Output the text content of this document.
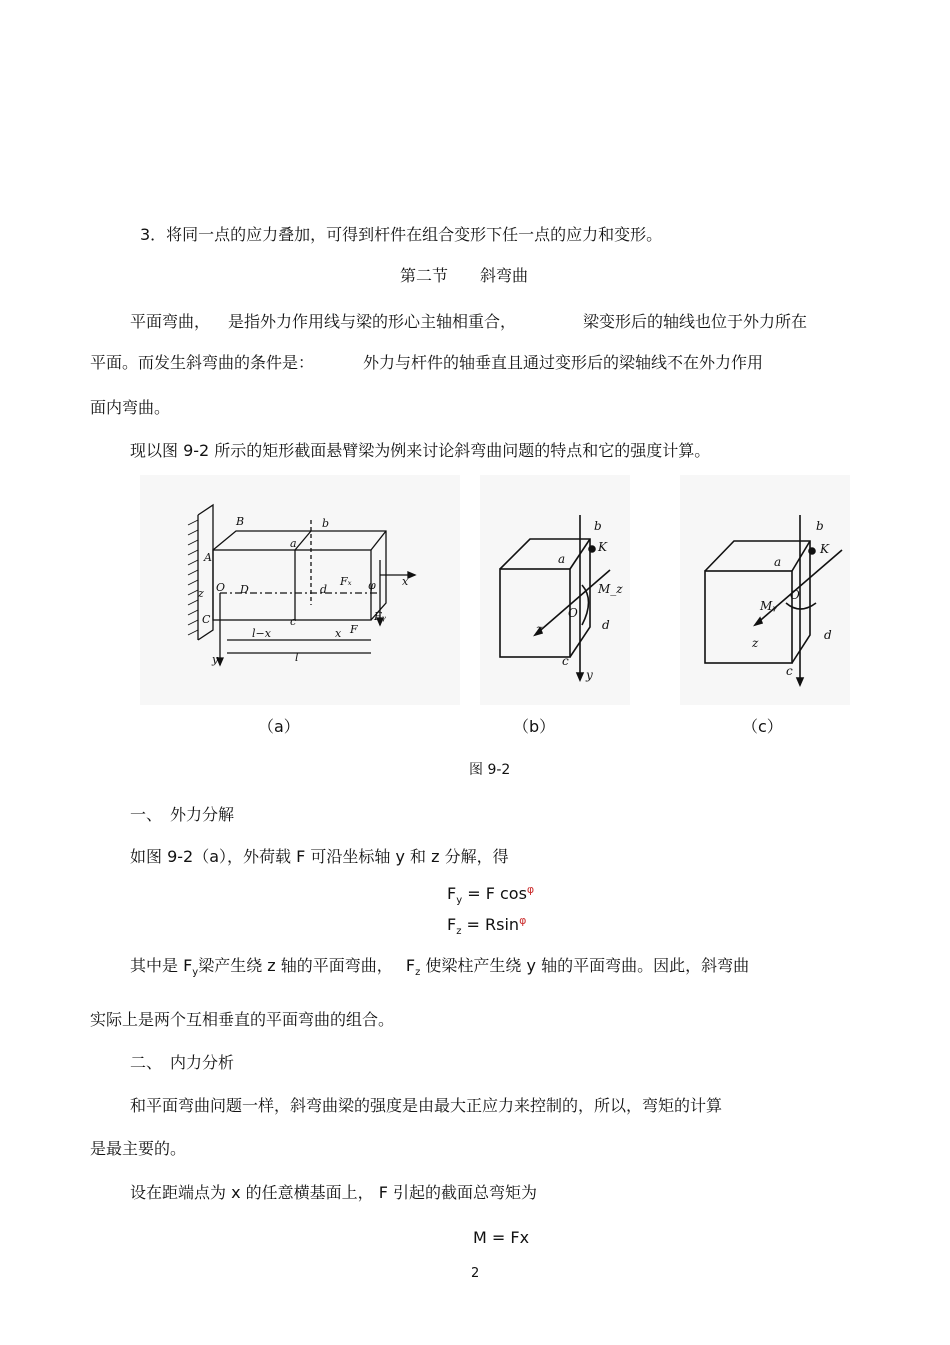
3．将同一点的应力叠加，可得到杆件在组合变形下任一点的应力和变形。
第二节　　斜弯曲
平面弯曲， 是指外力作用线与梁的形心主轴相重合，	梁变形后的轴线也位于外力所在
平面。而发生斜弯曲的条件是：	外力与杆件的轴垂直且通过变形后的梁轴线不在外力作用
面内弯曲。
现以图 9-2 所示的矩形截面悬臂梁为例来讨论斜弯曲问题的特点和它的强度计算。
B	b
a
A
x
O D	d
Fₓ φ
z
C	c
F
Fᵧ
l−x	x
y	l
b
K
a
M_z
z
O
d
c
y
b
K
a
Mᵧ
O
z
d
c
（a）	（b）	（c）
图 9-2
一、　外力分解
如图 9-2（a），外荷载 F 可沿坐标轴 y 和 z 分解，得
$F_y = F$ $\cos^\varphi$
$F_z = Rsin^\varphi$
其中是 $F_y$梁产生绕 z 轴的平面弯曲，　 $F_z$ 使梁柱产生绕 y 轴的平面弯曲。因此，斜弯曲
实际上是两个互相垂直的平面弯曲的组合。
二、　内力分析
和平面弯曲问题一样，斜弯曲梁的强度是由最大正应力来控制的，所以，弯矩的计算
是最主要的。
设在距端点为 x 的任意横基面上， F 引起的截面总弯矩为
M = Fx
2
